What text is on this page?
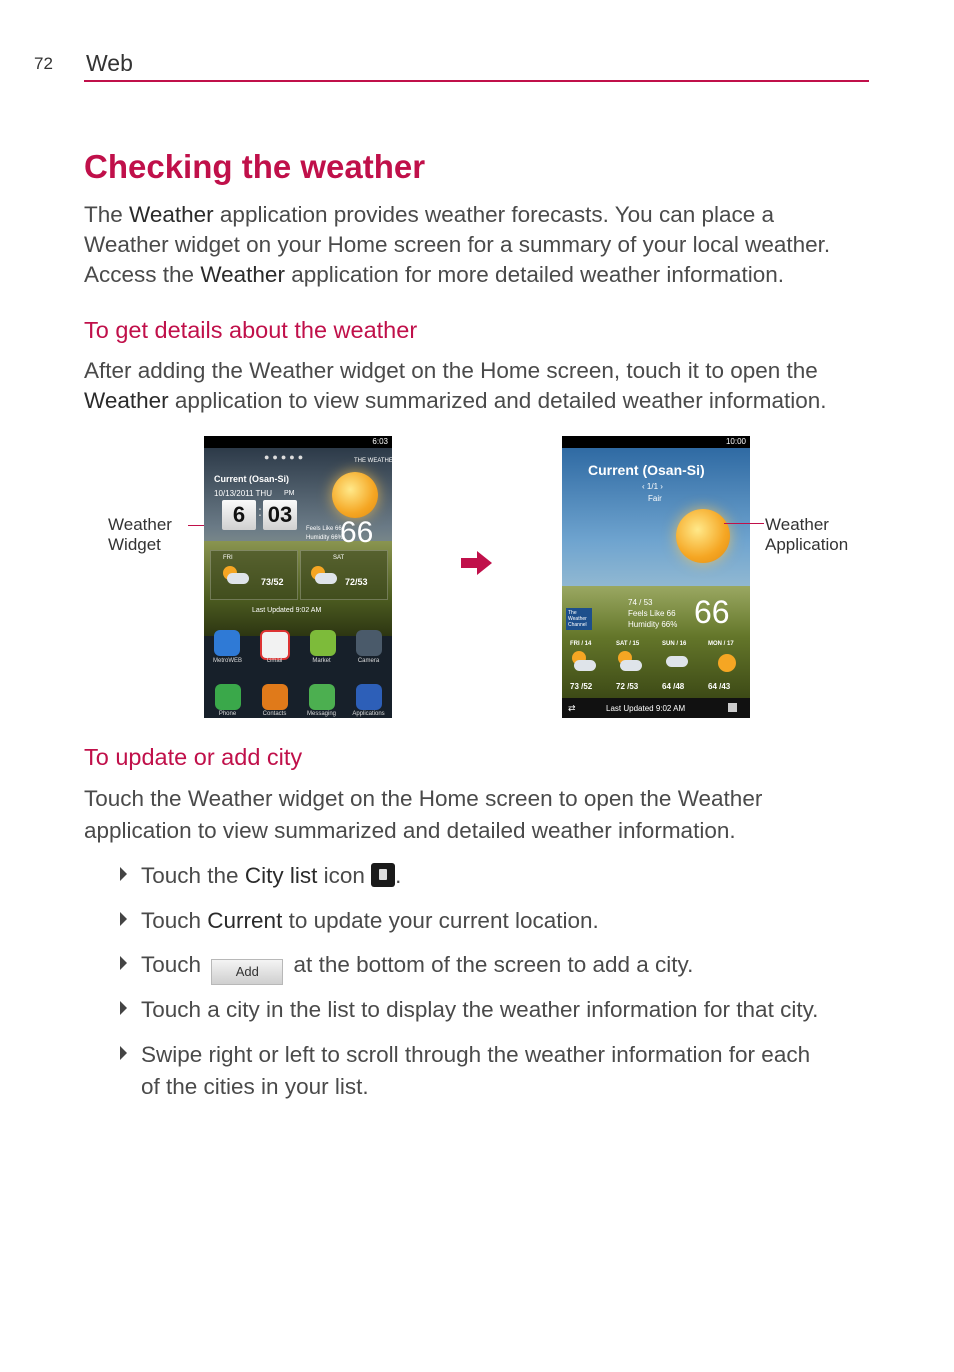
72 Web
Checking the weather
The Weather application provides weather forecasts. You can place a
Weather widget on your Home screen for a summary of your local weather.
Access the Weather application for more detailed weather information.
To get details about the weather
After adding the Weather widget on the Home screen, touch it to open the
Weather application to view summarized and detailed weather information.
Weather
Widget
6:03
●●●●●	THE WEATHER
Current (Osan-Si)
10/13/2011 THU PM
6 : 03
66
Feels Like 66
Humidity 66%
FRI
73/52
SAT
72/53
Last Updated 9:02 AM
MetroWEB	Gmail	Market	Camera
Phone	Contacts	Messaging	Applications
10:00
Current (Osan-Si)
‹ 1/1 ›
Fair
The Weather Channel
74 / 53
Feels Like 66
Humidity 66% 66
FRI / 14	SAT / 15	SUN / 16	MON / 17
73 /52	72 /53	64 /48	64 /43
⇄	Last Updated 9:02 AM
Weather
Application
To update or add city
Touch the Weather widget on the Home screen to open the Weather
application to view summarized and detailed weather information.
Touch the City list icon .
Touch Current to update your current location.
Touch Add at the bottom of the screen to add a city.
Touch a city in the list to display the weather information for that city.
Swipe right or left to scroll through the weather information for each
of the cities in your list.
